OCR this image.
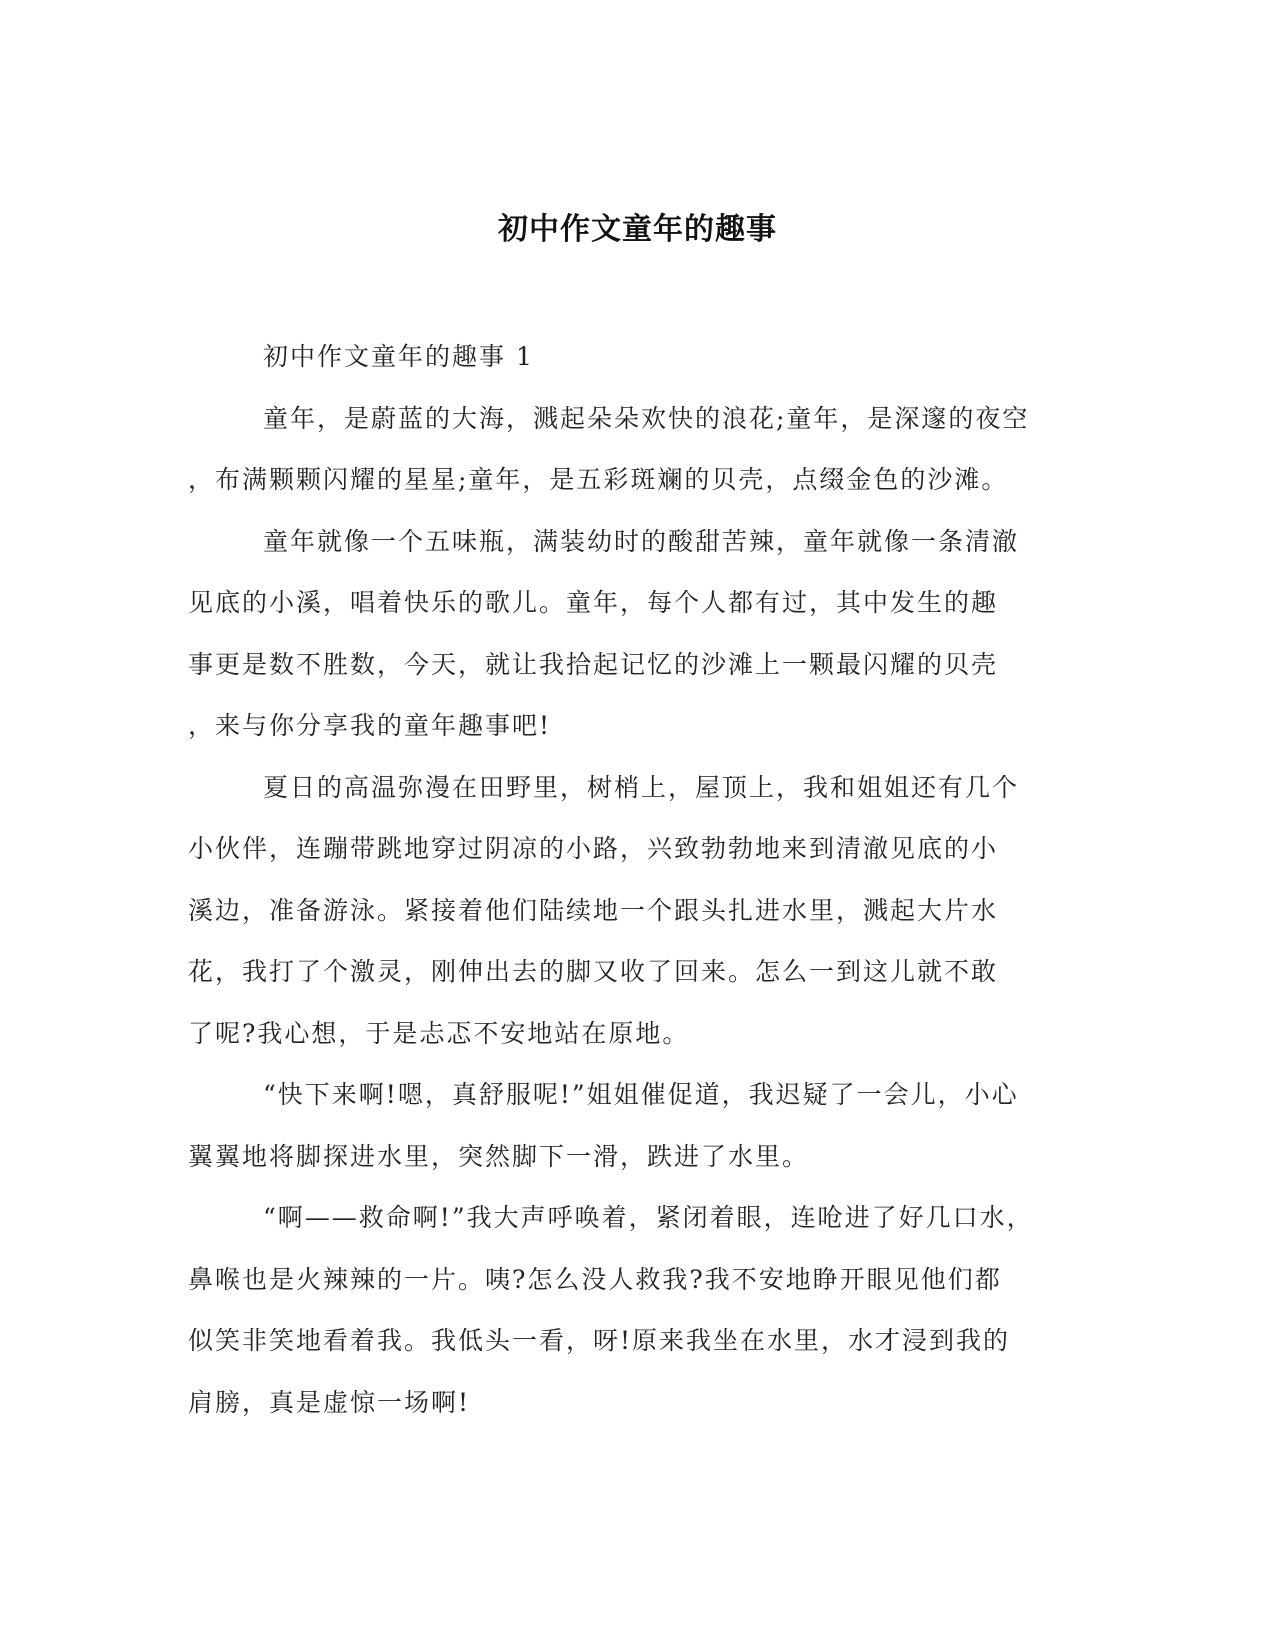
初中作文童年的趣事
初中作文童年的趣事 1
童年，是蔚蓝的大海，溅起朵朵欢快的浪花;童年，是深邃的夜空
，布满颗颗闪耀的星星;童年，是五彩斑斓的贝壳，点缀金色的沙滩。
童年就像一个五味瓶，满装幼时的酸甜苦辣，童年就像一条清澈
见底的小溪，唱着快乐的歌儿。童年，每个人都有过，其中发生的趣
事更是数不胜数，今天，就让我拾起记忆的沙滩上一颗最闪耀的贝壳
，来与你分享我的童年趣事吧!
夏日的高温弥漫在田野里，树梢上，屋顶上，我和姐姐还有几个
小伙伴，连蹦带跳地穿过阴凉的小路，兴致勃勃地来到清澈见底的小
溪边，准备游泳。紧接着他们陆续地一个跟头扎进水里，溅起大片水
花，我打了个激灵，刚伸出去的脚又收了回来。怎么一到这儿就不敢
了呢?我心想，于是忐忑不安地站在原地。
“快下来啊!嗯，真舒服呢!”姐姐催促道，我迟疑了一会儿，小心
翼翼地将脚探进水里，突然脚下一滑，跌进了水里。
“啊——救命啊!”我大声呼唤着，紧闭着眼，连呛进了好几口水，
鼻喉也是火辣辣的一片。咦?怎么没人救我?我不安地睁开眼见他们都
似笑非笑地看着我。我低头一看，呀!原来我坐在水里，水才浸到我的
肩膀，真是虚惊一场啊!
